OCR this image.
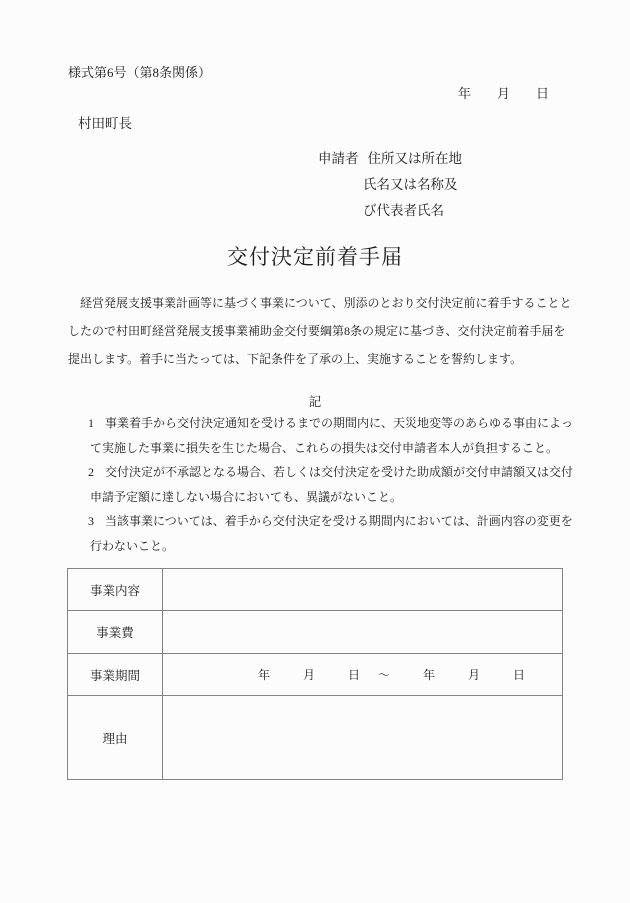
様式第6号（第8条関係）
年　　月　　日
村田町長
申請者 住所又は所在地
氏名又は名称及
び代表者氏名
交付決定前着手届
経営発展支援事業計画等に基づく事業について、別添のとおり交付決定前に着手することと
したので村田町経営発展支援事業補助金交付要綱第8条の規定に基づき、交付決定前着手届を
提出します。着手に当たっては、下記条件を了承の上、実施することを誓約します。
記
1 事業着手から交付決定通知を受けるまでの期間内に、天災地変等のあらゆる事由によっ
て実施した事業に損失を生じた場合、これらの損失は交付申請者本人が負担すること。
2 交付決定が不承認となる場合、若しくは交付決定を受けた助成額が交付申請額又は交付
申請予定額に達しない場合においても、異議がないこと。
3 当該事業については、着手から交付決定を受ける期間内においては、計画内容の変更を
行わないこと。
事業内容	
事業費	
事業期間	年　　月　　日　～　　年　　月　　日
理由	
